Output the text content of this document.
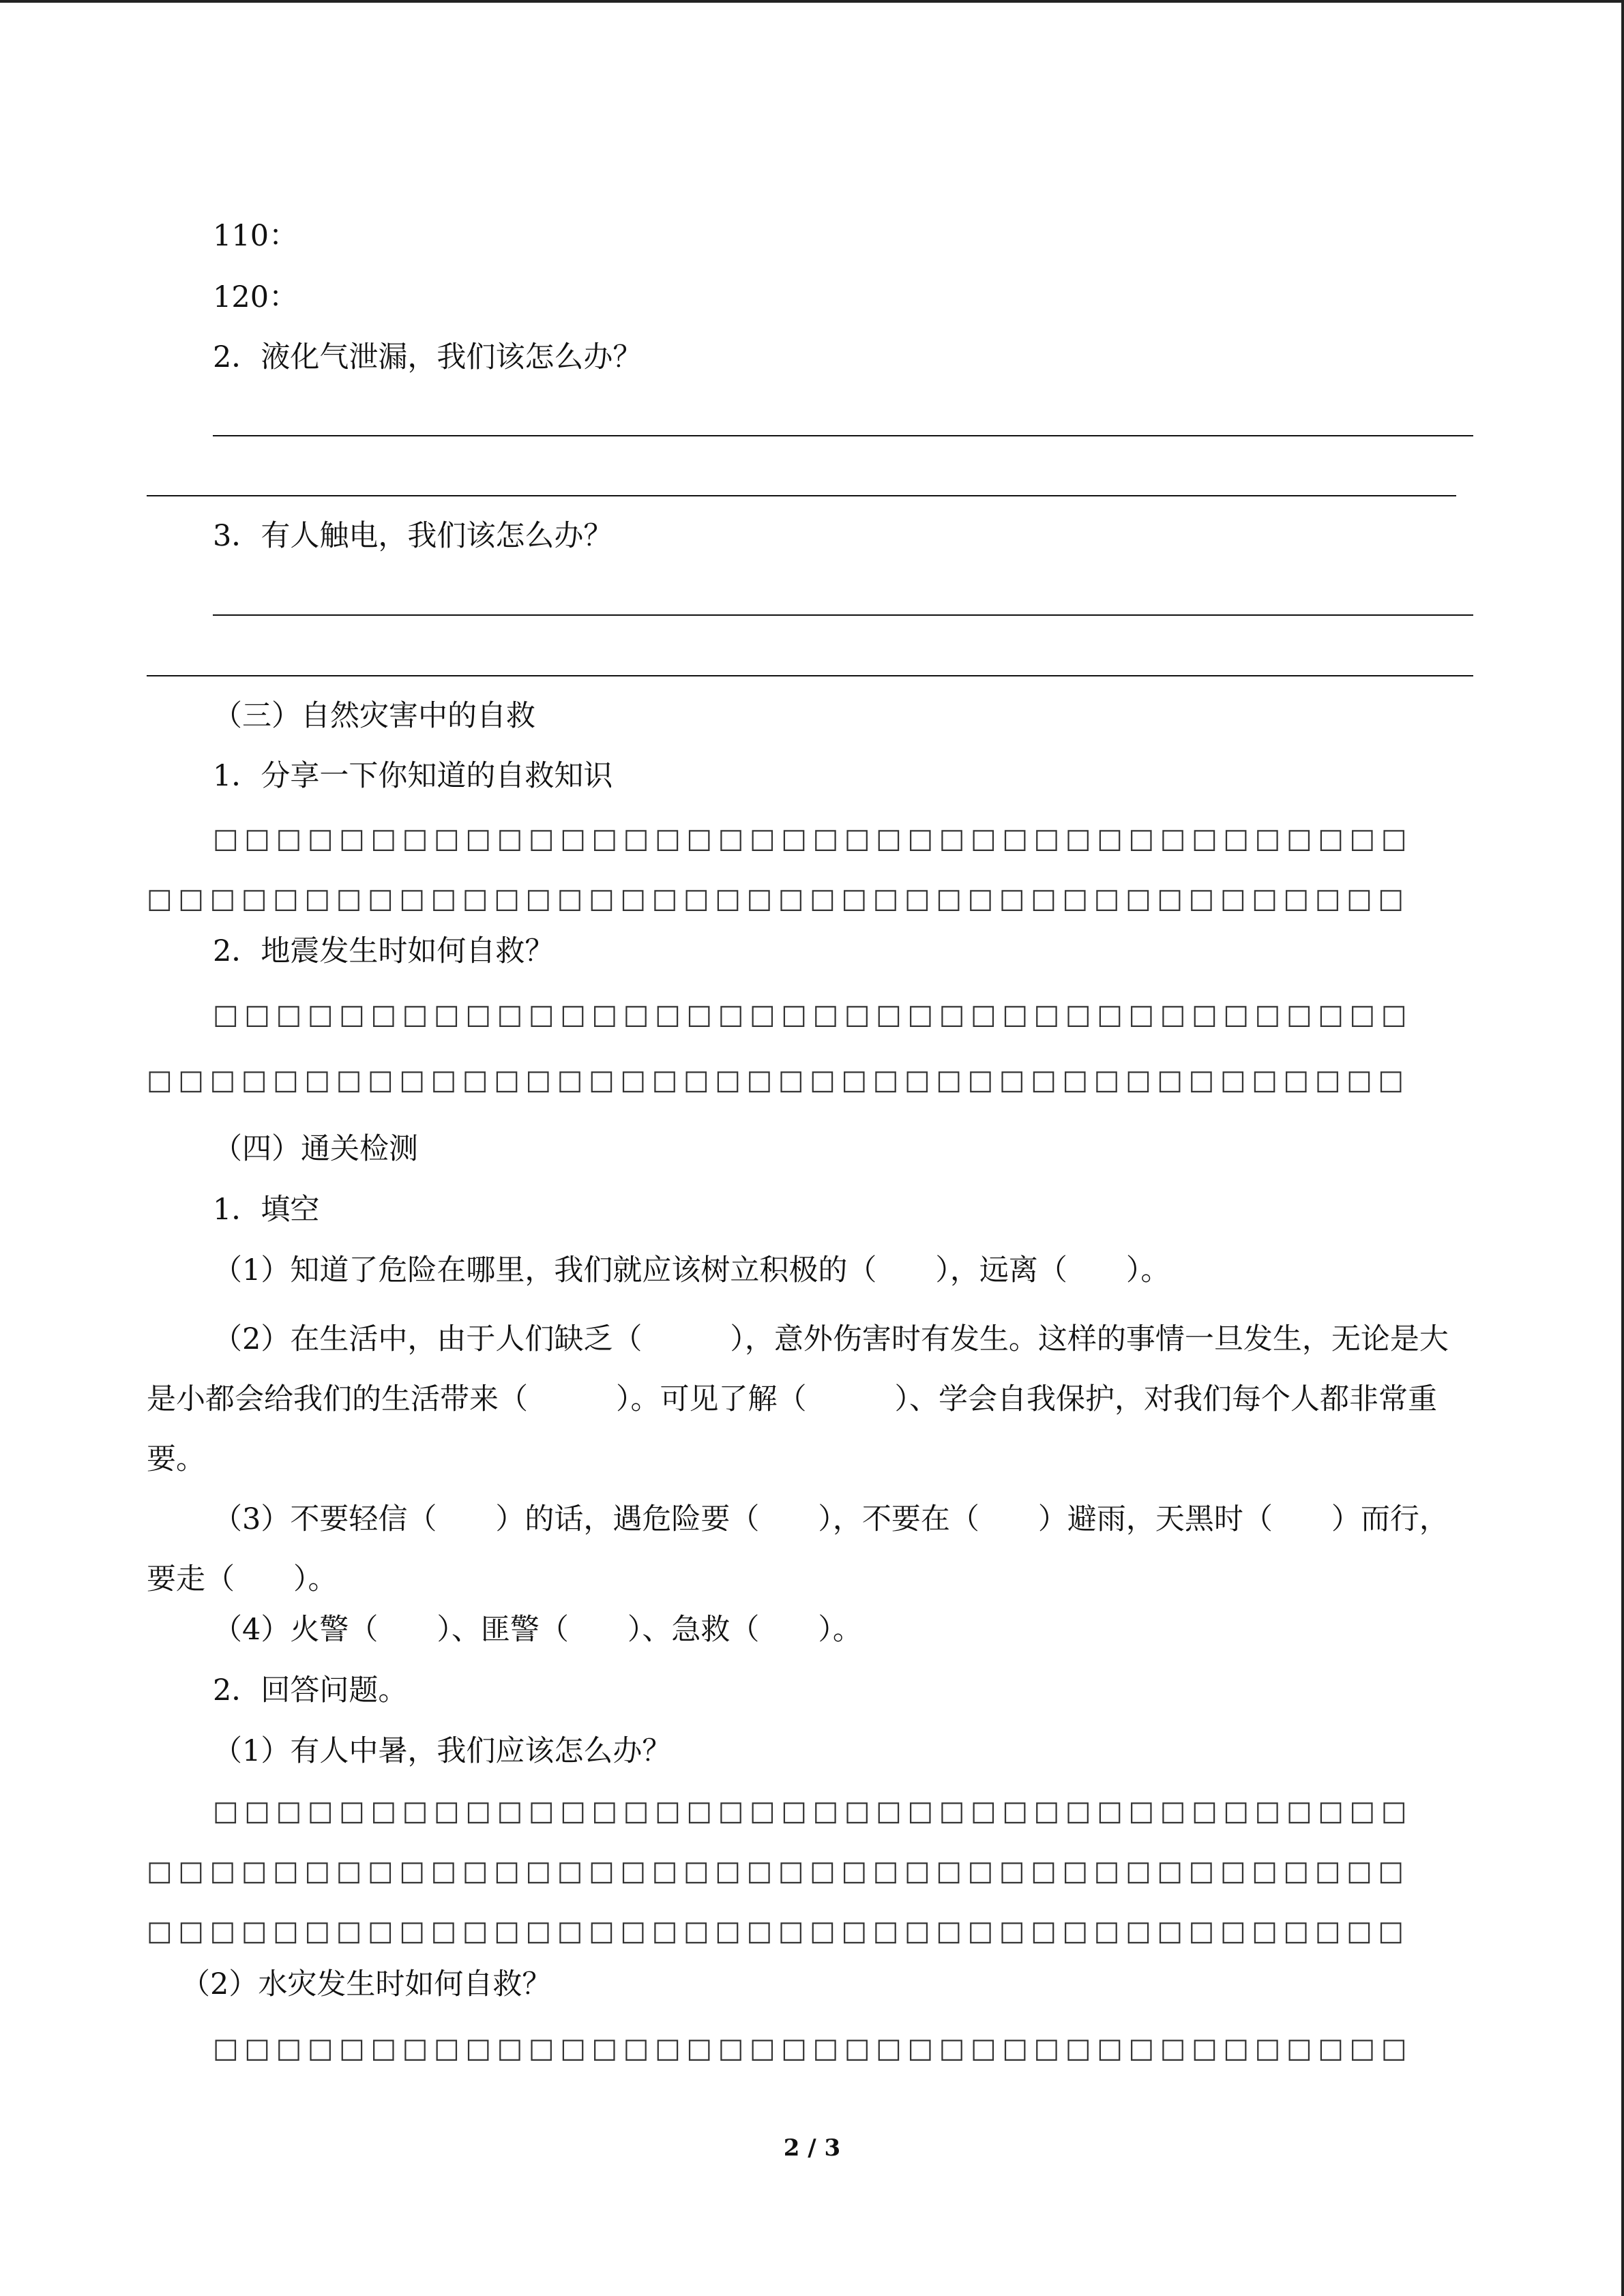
110：
120：
2．液化气泄漏，我们该怎么办？
3．有人触电，我们该怎么办？
（三）自然灾害中的自救
1．分享一下你知道的自救知识
□□□□□□□□□□□□□□□□□□□□□□□□□□□□□□□□□□□□□□
□□□□□□□□□□□□□□□□□□□□□□□□□□□□□□□□□□□□□□□□
2．地震发生时如何自救？
□□□□□□□□□□□□□□□□□□□□□□□□□□□□□□□□□□□□□□
□□□□□□□□□□□□□□□□□□□□□□□□□□□□□□□□□□□□□□□□
（四）通关检测
1．填空
（1）知道了危险在哪里，我们就应该树立积极的（　　），远离（　　）。
（2）在生活中，由于人们缺乏（　　　），意外伤害时有发生。这样的事情一旦发生，无论是大是小都会给我们的生活带来（　　　）。可见了解（　　　）、学会自我保护，对我们每个人都非常重要。
（3）不要轻信（　　）的话，遇危险要（　　），不要在（　　）避雨，天黑时（　　）而行，要走（　　）。
（4）火警（　　）、匪警（　　）、急救（　　）。
2．回答问题。
（1）有人中暑，我们应该怎么办？
□□□□□□□□□□□□□□□□□□□□□□□□□□□□□□□□□□□□□□
□□□□□□□□□□□□□□□□□□□□□□□□□□□□□□□□□□□□□□□□
□□□□□□□□□□□□□□□□□□□□□□□□□□□□□□□□□□□□□□□□
（2）水灾发生时如何自救？
□□□□□□□□□□□□□□□□□□□□□□□□□□□□□□□□□□□□□□
2 / 3
